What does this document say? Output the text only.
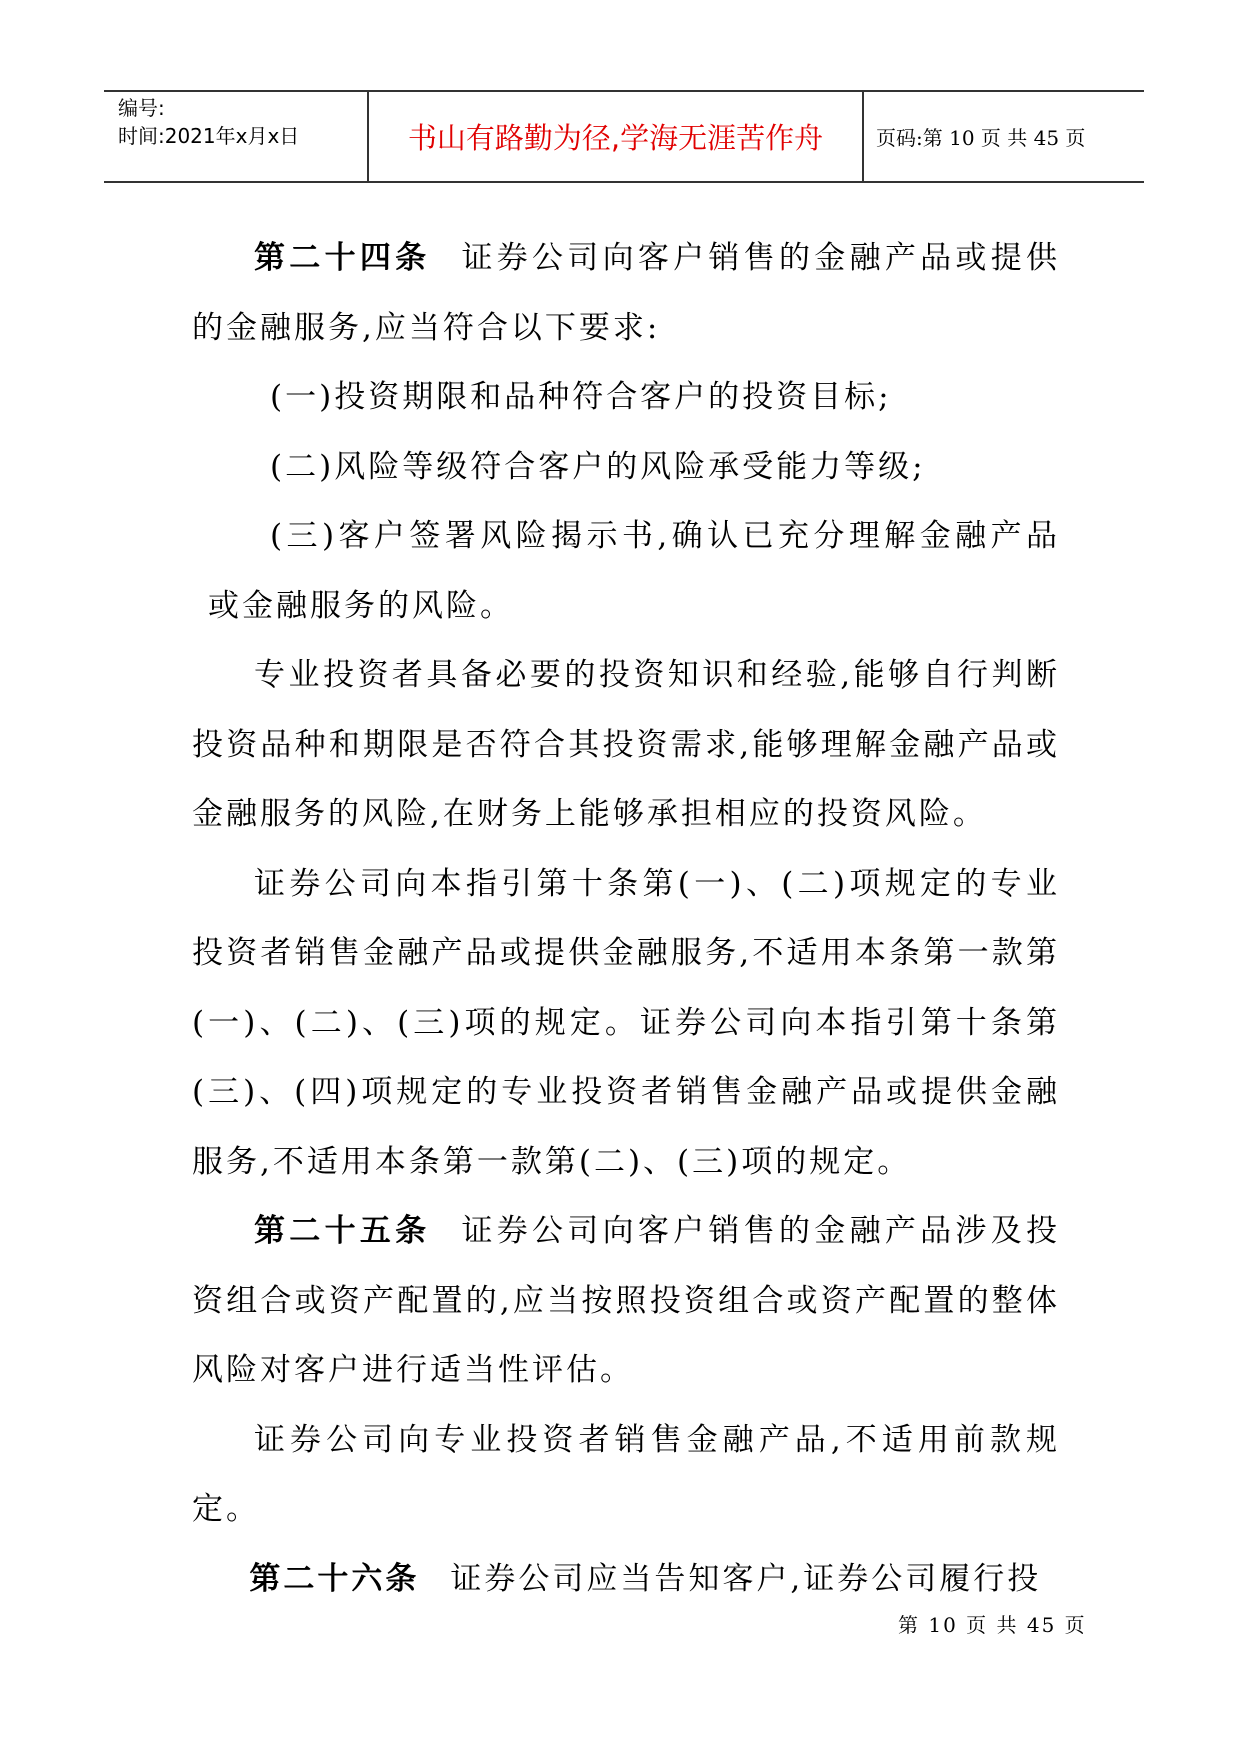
编号:
时间:2021年x月x日	书山有路勤为径,学海无涯苦作舟	页码:第 10 页 共 45 页

第二十四条 证券公司向客户销售的金融产品或提供的金融服务,应当符合以下要求:

(一)投资期限和品种符合客户的投资目标;

(二)风险等级符合客户的风险承受能力等级;

(三)客户签署风险揭示书,确认已充分理解金融产品或金融服务的风险。

专业投资者具备必要的投资知识和经验,能够自行判断投资品种和期限是否符合其投资需求,能够理解金融产品或金融服务的风险,在财务上能够承担相应的投资风险。

证券公司向本指引第十条第(一)、(二)项规定的专业投资者销售金融产品或提供金融服务,不适用本条第一款第(一)、(二)、(三)项的规定。证券公司向本指引第十条第(三)、(四)项规定的专业投资者销售金融产品或提供金融服务,不适用本条第一款第(二)、(三)项的规定。

第二十五条 证券公司向客户销售的金融产品涉及投资组合或资产配置的,应当按照投资组合或资产配置的整体风险对客户进行适当性评估。

证券公司向专业投资者销售金融产品,不适用前款规定。

第二十六条 证券公司应当告知客户,证券公司履行投

第 10 页 共 45 页
